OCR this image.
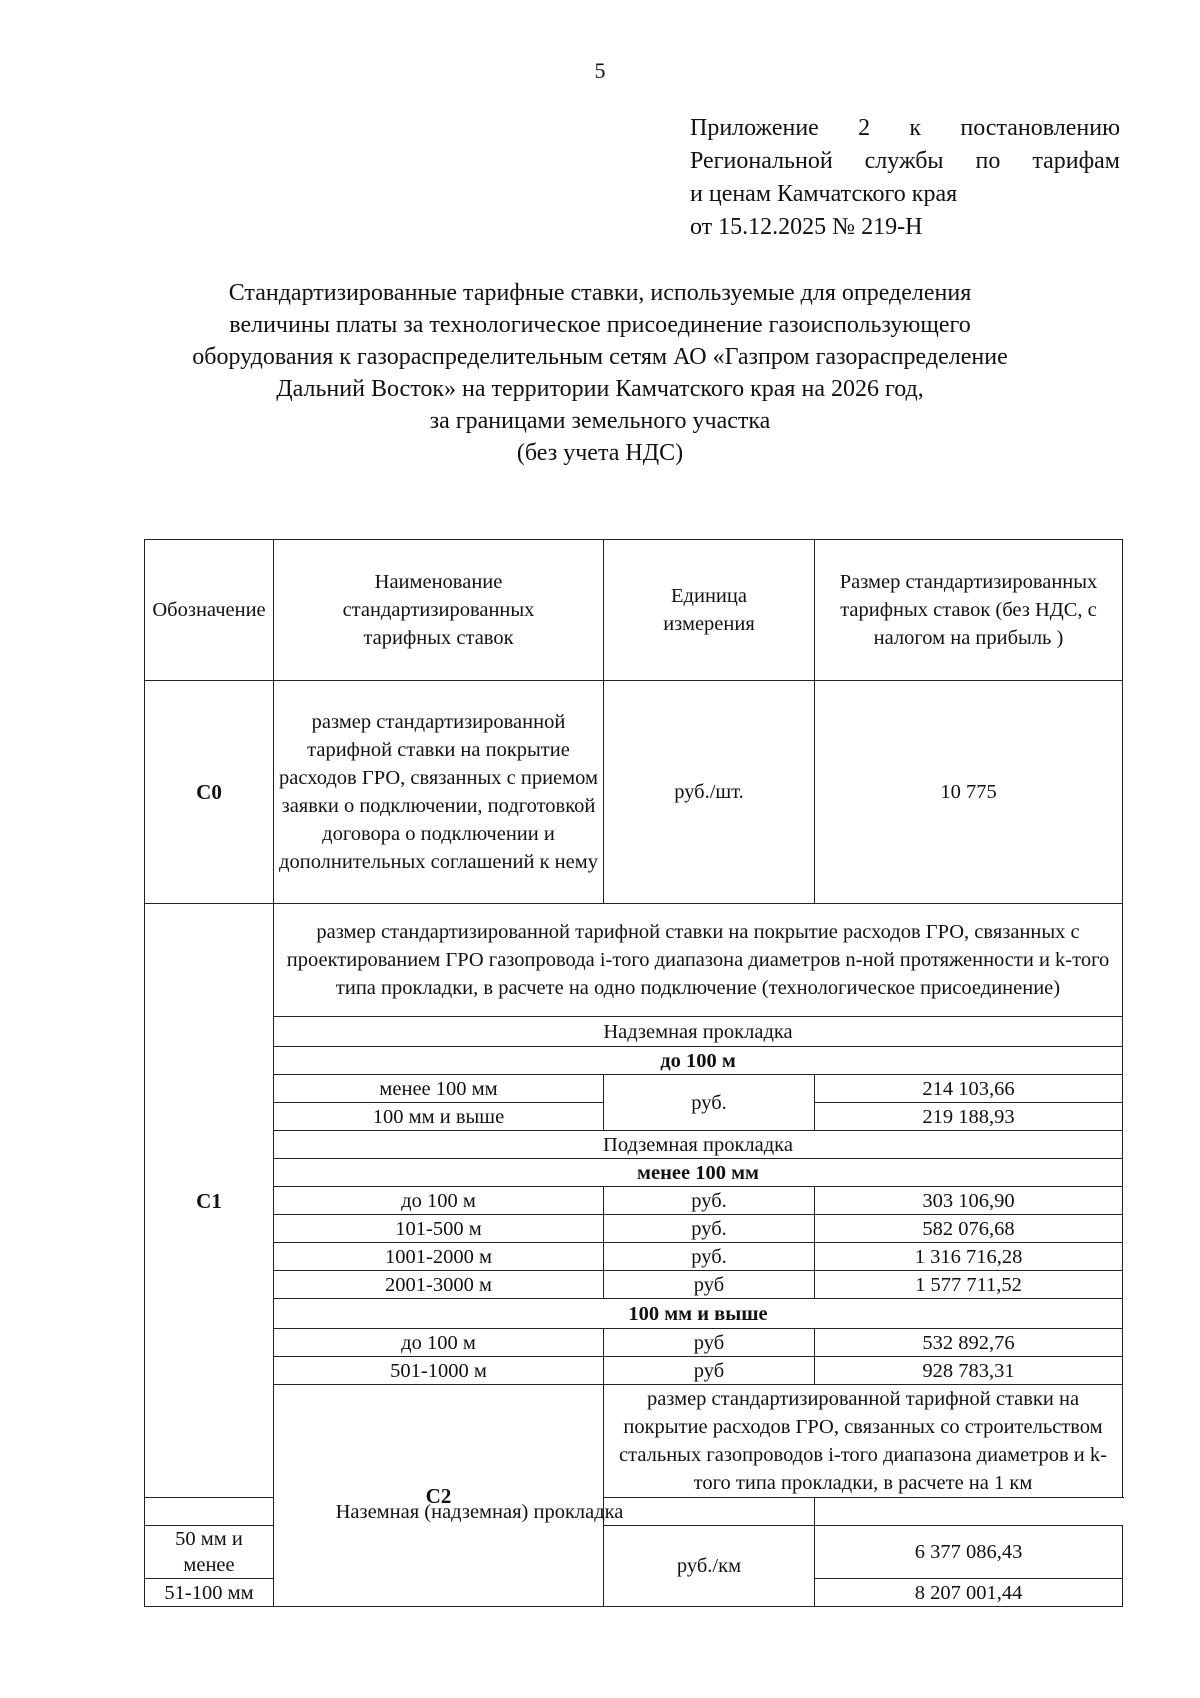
5
Приложение 2 к постановлению
Региональной службы по тарифам
и ценам Камчатского края
от 15.12.2025 № 219-Н
Стандартизированные тарифные ставки, используемые для определения
величины платы за технологическое присоединение газоиспользующего
оборудования к газораспределительным сетям АО «Газпром газораспределение
Дальний Восток» на территории Камчатского края на 2026 год,
за границами земельного участка
(без учета НДС)
Обозначение	Наименование стандартизированных тарифных ставок	Единица измерения	Размер стандартизированных тарифных ставок (без НДС, с налогом на прибыль )
С0	размер стандартизированной тарифной ставки на покрытие расходов ГРО, связанных с приемом заявки о подключении, подготовкой договора о подключении и дополнительных соглашений к нему	руб./шт.	10 775
С1	размер стандартизированной тарифной ставки на покрытие расходов ГРО, связанных с проектированием ГРО газопровода i-того диапазона диаметров n-ной протяженности и k-того типа прокладки, в расчете на одно подключение (технологическое присоединение)		
	Надземная прокладка		
	до 100 м		
	менее 100 мм	руб.	214 103,66
	100 мм и выше		219 188,93
	Подземная прокладка		
	менее 100 мм		
	до 100 м	руб.	303 106,90
	101-500 м	руб.	582 076,68
	1001-2000 м	руб.	1 316 716,28
	2001-3000 м	руб	1 577 711,52
	100 мм и выше		
	до 100 м	руб	532 892,76
	501-1000 м	руб	928 783,31
	С2	размер стандартизированной тарифной ставки на покрытие расходов ГРО, связанных со строительством стальных газопроводов i-того диапазона диаметров и k-того типа прокладки, в расчете на 1 км	
Наземная (надземная) прокладка			
50 мм и менее		руб./км	6 377 086,43
51-100 мм			8 207 001,44
